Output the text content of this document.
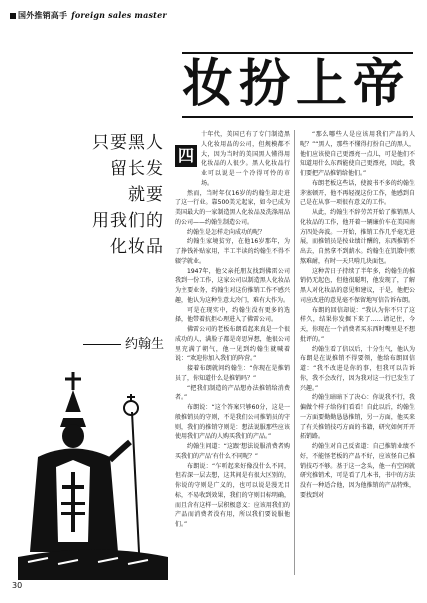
国外推销高手 foreign sales master
妆扮上帝
只要黑人
留长发
就要
用我们的
化妆品
约翰生
四

十年代，美国已有了专门制造黑人化妆用品的公司，但规模都不大，因为当时的美国黑人懂得用化妆品的人很少。黑人化妆品行业可以说是一个冷得可怜的市场。

然而，当时年仅16岁的约翰生却走进了这一行业。靠500美元起家，如今已成为美国最大的一家制造黑人化妆品及洗涤用品的公司——约翰生制造公司。

约翰生是怎样走向成功的呢？

约翰生家境贫穷，在他16岁那年，为了挣钱补贴家用，半工半读的约翰生不得不辍学就业。

1947年，他父亲托朋友找到佛雷公司我到一份工作，这家公司以制造黑人化妆品为主要业务，约翰生对这份推销工作不感兴趣，他认为这种生意太冷门，难有大作为。

可是在现实中，约翰生没有更多的选择，他带着抗拒心理进入了佛雷公司。

佛雷公司的老板布朗看起来真是一个很成功的人，满脸子都是奇思异想，他很公司里充满了朝气，他一见到约翰生就喊着说：“欢迎你加入我们的阵营。”

接着布朗就问约翰生：“你现在是推销员了，你知道什么是推销吗？”

“把我们制造的产品想办法推销给消费者。”

布朗说：“这个答案只够60分，这是一般推销员的守则，不是我们公司推销员的守则，我们的推销守则是：想法说服那些应该使用我们产品的人购买我们的产品。”

约翰生问道：“这跟‘想法说服消费者购买我们的产品’有什么不同呢？”

布朗说：“乍听起来好像没什么不同，但若深一层去想，这其间是有很大区别的，你说的守则是广义的，也可以说是漫无目标，不易收到效果，我们的守则目标明确，而且含有这样一层积极意义：应该用我们的产品而消费者没有用，所以我们要说服他们。”

“那么哪些人是应该用我们产品的人呢？”“黑人，那些不懂得打扮自己的黑人，他们应该使自己更漂亮一点儿，可是他们不知道用什么东西能使自己更漂亮，因此，我们要把产品推销给他们。”

布朗老板这些话，使渡书不多的约翰生茅塞顿开，他不再轻视这份工作，他感到自己是在从事一项很有意义的工作。

从此，约翰生不辞劳苦开始了推销黑人化妆品的工作，他开着一辆廉价车在美国南方四处奔波。一开始，推销工作几乎毫无进展，而推销员是按业绩计酬的，东西推销不出去，自然拿不到薪水。约翰生在饥饿中煎熬难耐，有时一天只啃几块面包。

这种苦日子持续了半年多，约翰生的推销仍无起色，但他很聪明，他发现了，了解黑人对化妆品的意见和建议，于是，他把公司应改进的意见毫不保留地写信告诉布朗。

布朗的回信却说：“我认为你不只了这样久，结果你发掘下来了……请记住，今天，你现在一个消费者买东西时嘴里是不想批评的。”

约翰生看了信以后，十分生气，他认为布朗是在说推销不得要领，他给布朗回信道：“我不改进是你的事，但我可以告诉你，我不会改行，因为我对这一行已发生了兴趣。”

约翰生暗暗下了决心：你说我不行，我偏做个样子给你们看看！自此以后，约翰生一方面要勤勤恳恳推销，另一方面，他买来了有关推销技巧方面的书籍，研究如何开开拓销路。

约翰生对自己反省道：自己推销业绩不好，不能怪老板的产品不好，应该怪自己推销技巧不够。基于这一念头，他一有空闲就研究推销术，可是看了几本书，书中的方法没有一种适合他，因为他推销的产品特殊，要找到对

30
